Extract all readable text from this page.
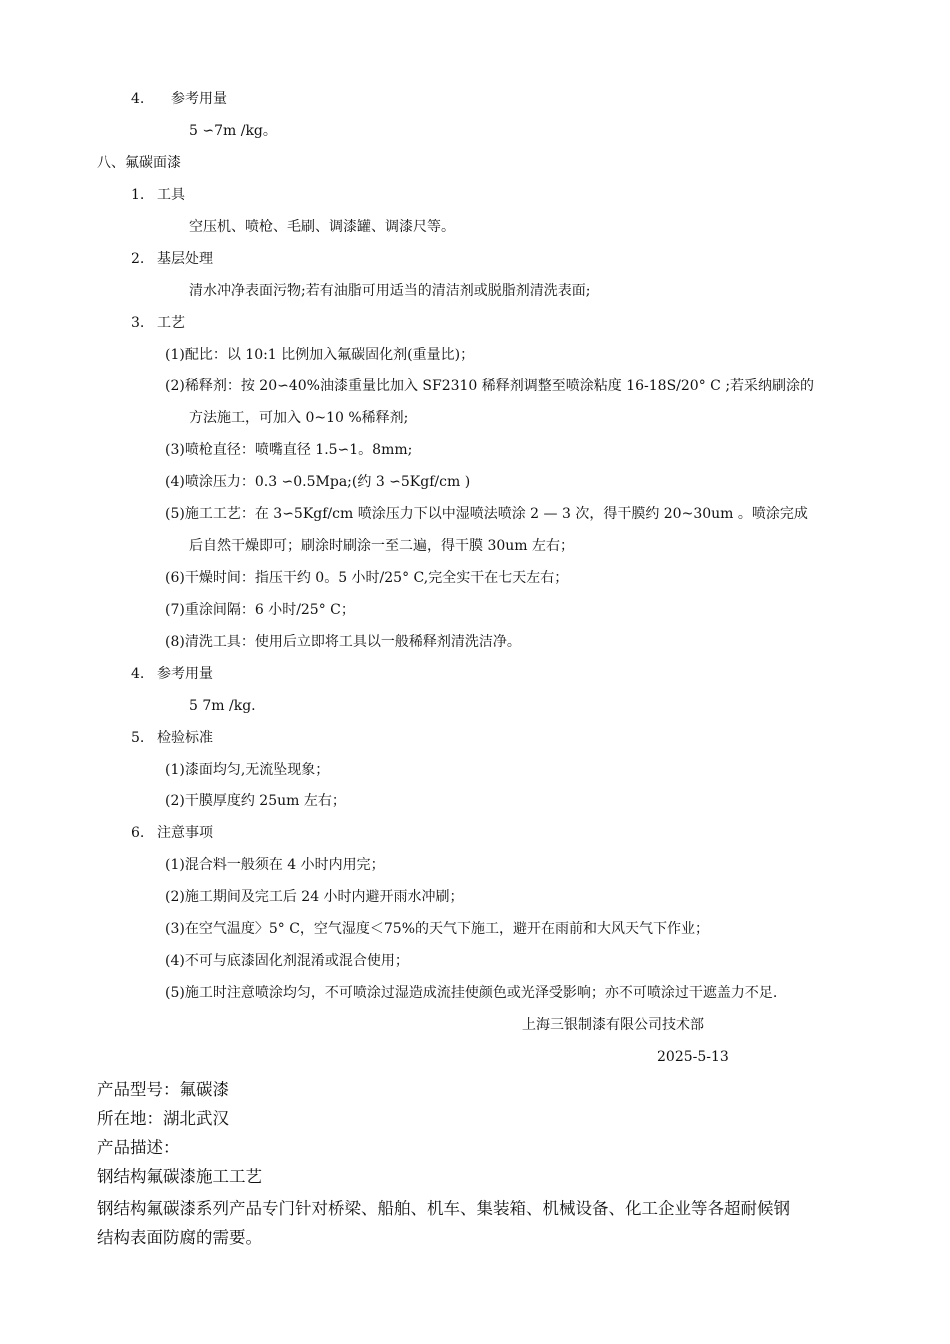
4. 参考用量
5 ∽7m /kg。
八、氟碳面漆
1. 工具
空压机、喷枪、毛刷、调漆罐、调漆尺等。
2. 基层处理
清水冲净表面污物;若有油脂可用适当的清洁剂或脱脂剂清洗表面;
3. 工艺
(1)配比：以 10:1 比例加入氟碳固化剂(重量比)；
(2)稀释剂：按 20∽40%油漆重量比加入 SF2310 稀释剂调整至喷涂粘度 16-18S/20° C ;若采纳刷涂的
方法施工，可加入 0~10 %稀释剂;
(3)喷枪直径：喷嘴直径 1.5∽1。8mm;
(4)喷涂压力：0.3 ∽0.5Mpa;(约 3 ∽5Kgf/cm )
(5)施工工艺：在 3∽5Kgf/cm 喷涂压力下以中湿喷法喷涂 2 — 3 次，得干膜约 20~30um 。喷涂完成
后自然干燥即可；刷涂时刷涂一至二遍，得干膜 30um 左右；
(6)干燥时间：指压干约 0。5 小时/25° C,完全实干在七天左右；
(7)重涂间隔：6 小时/25° C；
(8)清洗工具：使用后立即将工具以一般稀释剂清洗洁净。
4. 参考用量
5 7m /kg.
5. 检验标准
(1)漆面均匀,无流坠现象；
(2)干膜厚度约 25um 左右；
6. 注意事项
(1)混合料一般须在 4 小时内用完；
(2)施工期间及完工后 24 小时内避开雨水冲刷；
(3)在空气温度〉5° C，空气湿度＜75%的天气下施工，避开在雨前和大风天气下作业；
(4)不可与底漆固化剂混淆或混合使用；
(5)施工时注意喷涂均匀，不可喷涂过湿造成流挂使颜色或光泽受影响；亦不可喷涂过干遮盖力不足.
上海三银制漆有限公司技术部
2025-5-13
产品型号：氟碳漆
所在地：湖北武汉
产品描述：
钢结构氟碳漆施工工艺
钢结构氟碳漆系列产品专门针对桥梁、船舶、机车、集装箱、机械设备、化工企业等各超耐候钢
结构表面防腐的需要。
